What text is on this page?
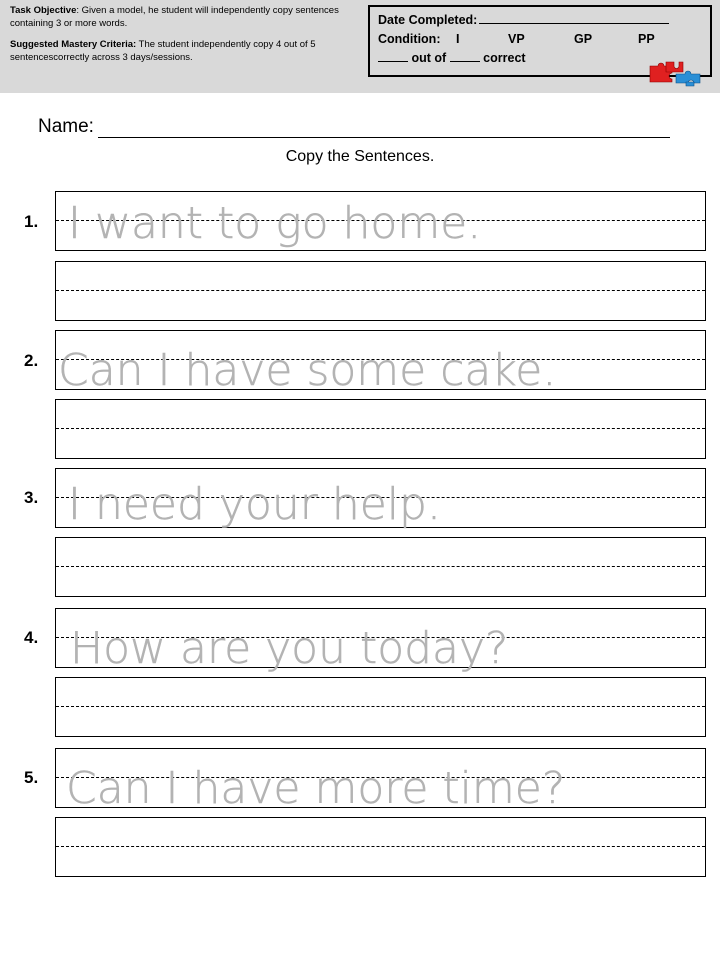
Task Objective: Given a model, he student will independently copy sentences containing 3 or more words.

Suggested Mastery Criteria: The student independently copy 4 out of 5 sentencescorrectly across 3 days/sessions.

Date Completed:
Condition: I	VP	GP	PP
out of	correct
Name:
Copy the Sentences.
1. I want to go home.
2. Can I have some cake.
3. I need your help.
4. How are you today?
5. Can I have more time?
